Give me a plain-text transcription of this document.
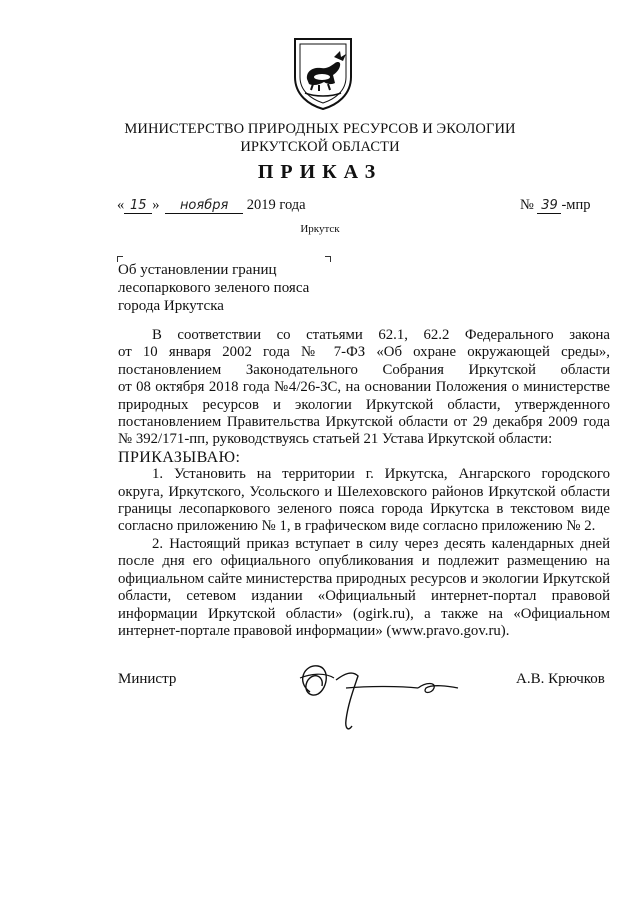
МИНИСТЕРСТВО ПРИРОДНЫХ РЕСУРСОВ И ЭКОЛОГИИ
ИРКУТСКОЙ ОБЛАСТИ
ПРИКАЗ
« 15 » ноября 2019 года	№ 39 -мпр
Иркутск
Об установлении границ
лесопаркового зеленого пояса
города Иркутска
В соответствии со статьями 62.1, 62.2 Федерального закона
от 10 января 2002 года № 7-ФЗ «Об охране окружающей среды»,
постановлением Законодательного Собрания Иркутской области
от 08 октября 2018 года №4/26-ЗС, на основании Положения о министерстве
природных ресурсов и экологии Иркутской области, утвержденного
постановлением Правительства Иркутской области от 29 декабря 2009 года
№ 392/171-пп, руководствуясь статьей 21 Устава Иркутской области:
ПРИКАЗЫВАЮ:
1. Установить на территории г. Иркутска, Ангарского городского
округа, Иркутского, Усольского и Шелеховского районов Иркутской области
границы лесопаркового зеленого пояса города Иркутска в текстовом виде
согласно приложению № 1, в графическом виде согласно приложению № 2.
2. Настоящий приказ вступает в силу через десять календарных дней
после дня его официального опубликования и подлежит размещению на
официальном сайте министерства природных ресурсов и экологии Иркутской
области, сетевом издании «Официальный интернет-портал правовой
информации Иркутской области» (ogirk.ru), а также на «Официальном
интернет-портале правовой информации» (www.pravo.gov.ru).
Министр	А.В. Крючков
